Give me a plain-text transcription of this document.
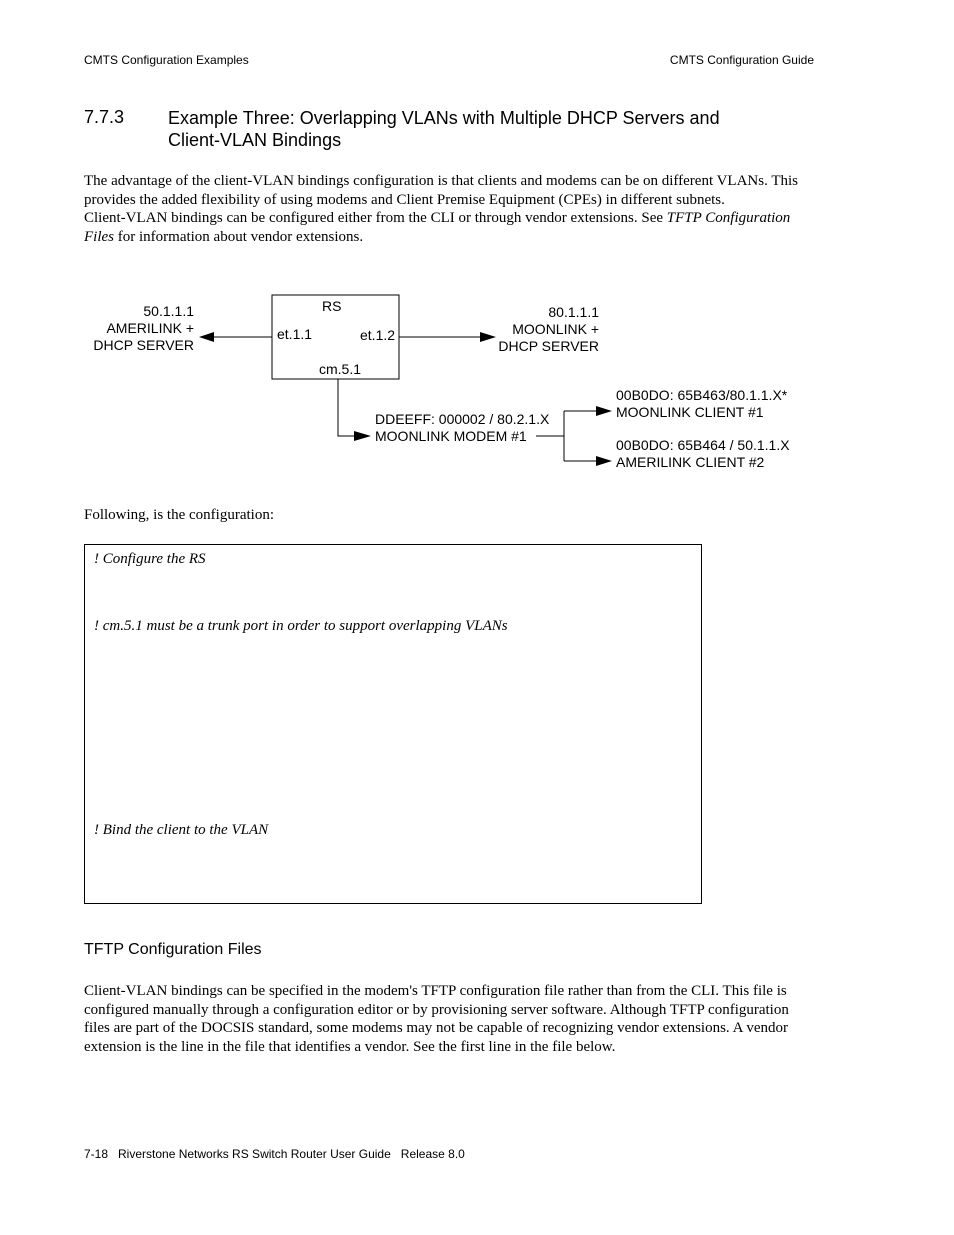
CMTS Configuration Examples	CMTS Configuration Guide
7.7.3 Example Three: Overlapping VLANs with Multiple DHCP Servers and
Client-VLAN Bindings
The advantage of the client-VLAN bindings configuration is that clients and modems can be on different VLANs. This
provides the added flexibility of using modems and Client Premise Equipment (CPEs) in different subnets.
Client-VLAN bindings can be configured either from the CLI or through vendor extensions. See TFTP Configuration
Files for information about vendor extensions.
RS
et.1.1	et.1.2
cm.5.1
50.1.1.1
AMERILINK +
DHCP SERVER
80.1.1.1
MOONLINK +
DHCP SERVER
DDEEFF: 000002 / 80.2.1.X
MOONLINK MODEM #1
00B0DO: 65B463/80.1.1.X*
MOONLINK CLIENT #1
00B0DO: 65B464 / 50.1.1.X
AMERILINK CLIENT #2
Following, is the configuration:
! Configure the RS
! cm.5.1 must be a trunk port in order to support overlapping VLANs
! Bind the client to the VLAN
TFTP Configuration Files
Client-VLAN bindings can be specified in the modem's TFTP configuration file rather than from the CLI. This file is
configured manually through a configuration editor or by provisioning server software. Although TFTP configuration
files are part of the DOCSIS standard, some modems may not be capable of recognizing vendor extensions. A vendor
extension is the line in the file that identifies a vendor. See the first line in the file below.
7-18   Riverstone Networks RS Switch Router User Guide   Release 8.0
